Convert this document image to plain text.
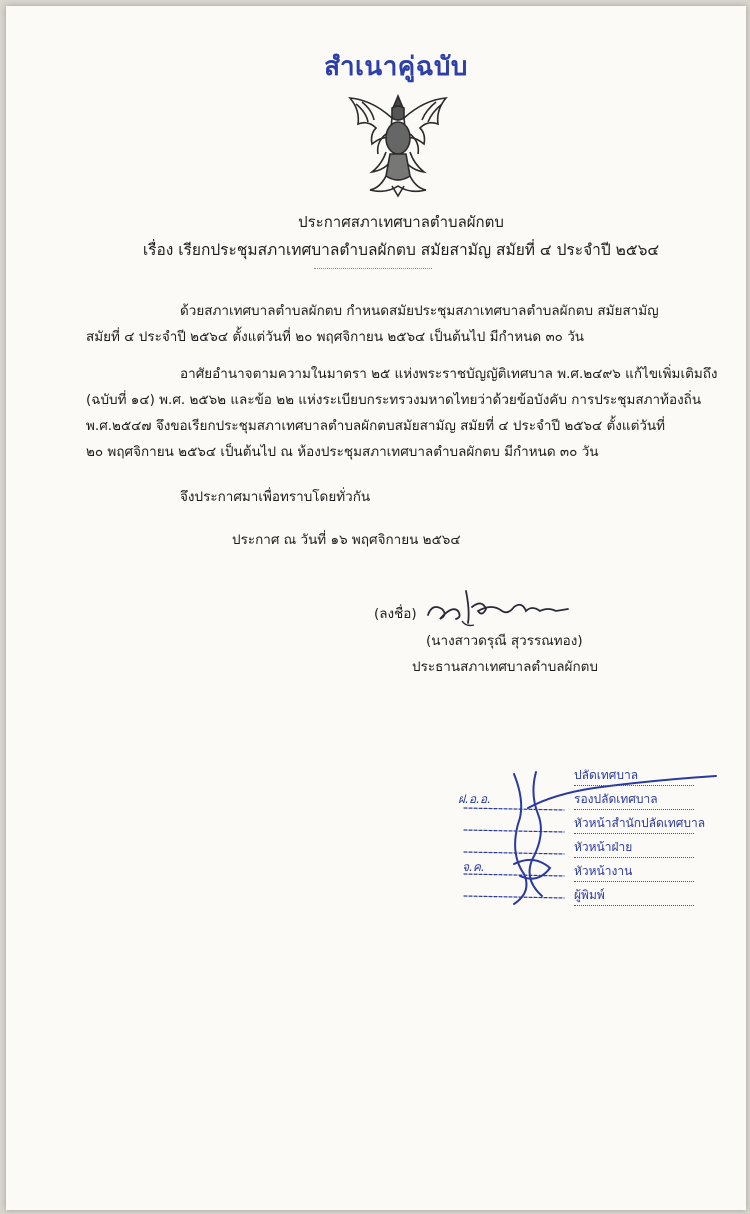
สำเนาคู่ฉบับ
ประกาศสภาเทศบาลตำบลผักตบ
เรื่อง เรียกประชุมสภาเทศบาลตำบลผักตบ สมัยสามัญ สมัยที่ ๔ ประจำปี ๒๕๖๔
ด้วยสภาเทศบาลตำบลผักตบ กำหนดสมัยประชุมสภาเทศบาลตำบลผักตบ สมัยสามัญ
สมัยที่ ๔ ประจำปี ๒๕๖๔ ตั้งแต่วันที่ ๒๐ พฤศจิกายน ๒๕๖๔ เป็นต้นไป มีกำหนด ๓๐ วัน
อาศัยอำนาจตามความในมาตรา ๒๕ แห่งพระราชบัญญัติเทศบาล พ.ศ.๒๔๙๖ แก้ไขเพิ่มเติมถึง
(ฉบับที่ ๑๔) พ.ศ. ๒๕๖๒ และข้อ ๒๒ แห่งระเบียบกระทรวงมหาดไทยว่าด้วยข้อบังคับ การประชุมสภาท้องถิ่น
พ.ศ.๒๕๔๗ จึงขอเรียกประชุมสภาเทศบาลตำบลผักตบสมัยสามัญ สมัยที่ ๔ ประจำปี ๒๕๖๔ ตั้งแต่วันที่
๒๐ พฤศจิกายน ๒๕๖๔ เป็นต้นไป ณ ห้องประชุมสภาเทศบาลตำบลผักตบ มีกำหนด ๓๐ วัน
จึงประกาศมาเพื่อทราบโดยทั่วกัน
ประกาศ ณ วันที่ ๑๖ พฤศจิกายน ๒๕๖๔
(ลงชื่อ)
(นางสาวดรุณี สุวรรณทอง)
ประธานสภาเทศบาลตำบลผักตบ
ฝ.อ.อ.
จ.ค.
ปลัดเทศบาล
รองปลัดเทศบาล
หัวหน้าสำนักปลัดเทศบาล
หัวหน้าฝ่าย
หัวหน้างาน
ผู้พิมพ์
